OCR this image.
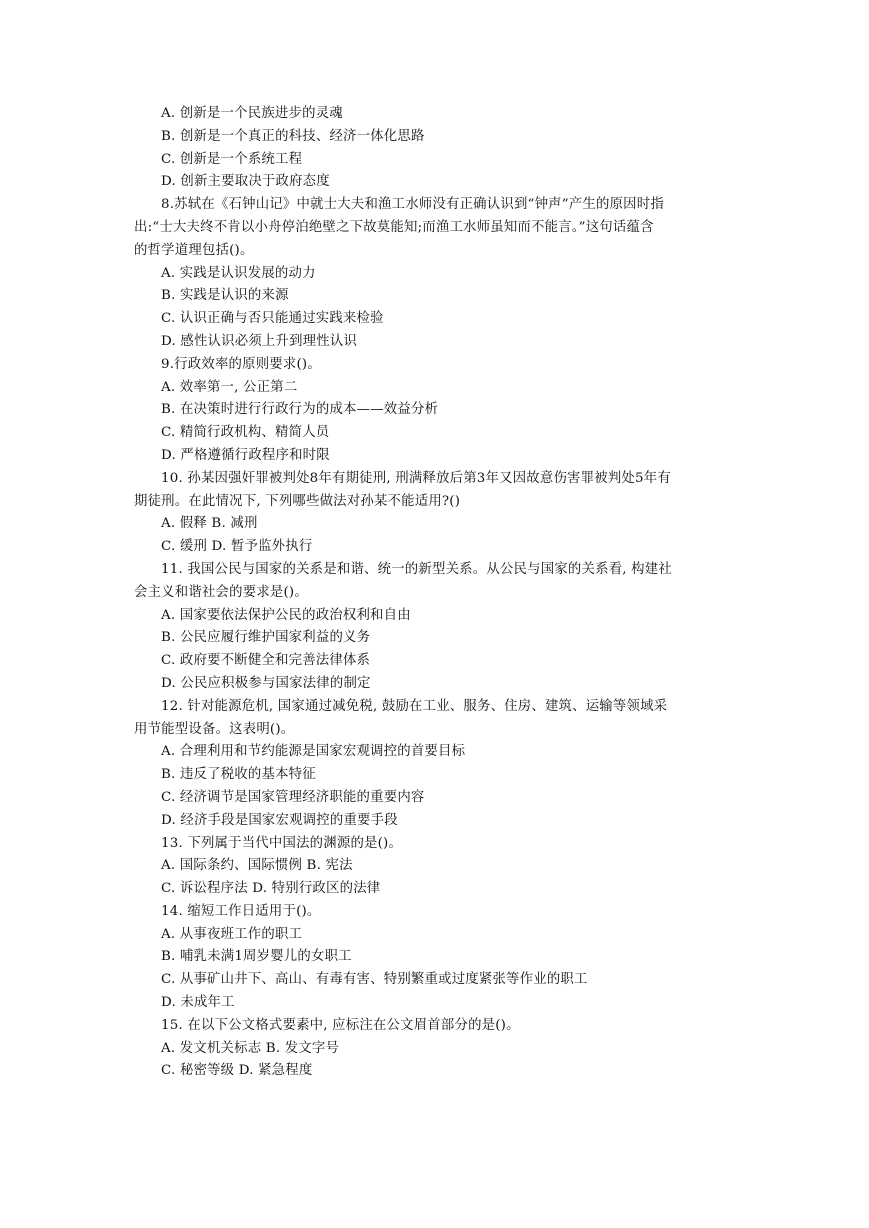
A. 创新是一个民族进步的灵魂
B. 创新是一个真正的科技、经济一体化思路
C. 创新是一个系统工程
D. 创新主要取决于政府态度
8.苏轼在《石钟山记》中就士大夫和渔工水师没有正确认识到“钟声”产生的原因时指
出:“士大夫终不肯以小舟停泊绝壁之下故莫能知;而渔工水师虽知而不能言。”这句话蕴含
的哲学道理包括()。
A. 实践是认识发展的动力
B. 实践是认识的来源
C. 认识正确与否只能通过实践来检验
D. 感性认识必须上升到理性认识
9.行政效率的原则要求()。
A. 效率第一, 公正第二
B. 在决策时进行行政行为的成本——效益分析
C. 精简行政机构、精简人员
D. 严格遵循行政程序和时限
10. 孙某因强奸罪被判处8年有期徒刑, 刑满释放后第3年又因故意伤害罪被判处5年有
期徒刑。在此情况下, 下列哪些做法对孙某不能适用?()
A. 假释 B. 减刑
C. 缓刑 D. 暂予监外执行
11. 我国公民与国家的关系是和谐、统一的新型关系。从公民与国家的关系看, 构建社
会主义和谐社会的要求是()。
A. 国家要依法保护公民的政治权利和自由
B. 公民应履行维护国家利益的义务
C. 政府要不断健全和完善法律体系
D. 公民应积极参与国家法律的制定
12. 针对能源危机, 国家通过减免税, 鼓励在工业、服务、住房、建筑、运输等领域采
用节能型设备。这表明()。
A. 合理利用和节约能源是国家宏观调控的首要目标
B. 违反了税收的基本特征
C. 经济调节是国家管理经济职能的重要内容
D. 经济手段是国家宏观调控的重要手段
13. 下列属于当代中国法的渊源的是()。
A. 国际条约、国际惯例 B. 宪法
C. 诉讼程序法 D. 特别行政区的法律
14. 缩短工作日适用于()。
A. 从事夜班工作的职工
B. 哺乳未满1周岁婴儿的女职工
C. 从事矿山井下、高山、有毒有害、特别繁重或过度紧张等作业的职工
D. 未成年工
15. 在以下公文格式要素中, 应标注在公文眉首部分的是()。
A. 发文机关标志 B. 发文字号
C. 秘密等级 D. 紧急程度
